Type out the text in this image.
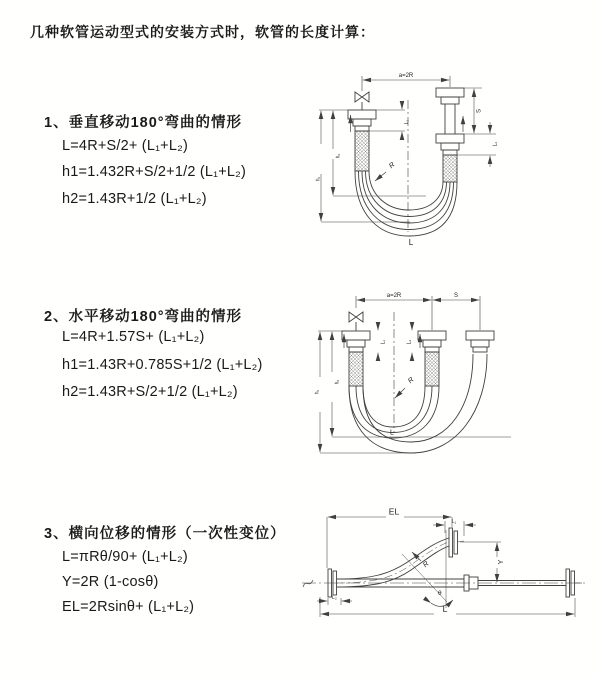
几种软管运动型式的安装方式时，软管的长度计算：
1、垂直移动180°弯曲的情形
L=4R+S/2+ (L₁+L₂)
h1=1.432R+S/2+1/2 (L₁+L₂)
h2=1.43R+1/2 (L₁+L₂)
2、水平移动180°弯曲的情形
L=4R+1.57S+ (L₁+L₂)
h1=1.43R+0.785S+1/2 (L₁+L₂)
h2=1.43R+S/2+1/2 (L₁+L₂)
3、横向位移的情形（一次性变位）
L=πRθ/90+ (L₁+L₂)
Y=2R (1-cosθ)
EL=2Rsinθ+ (L₁+L₂)
a=2R
L₁
S
L₂
h₂
h₁
R
L
a=2R	S
L₁	L₂
h₂
h₁
R
L
EL
L₁
L₂
Y
R
θ
L
